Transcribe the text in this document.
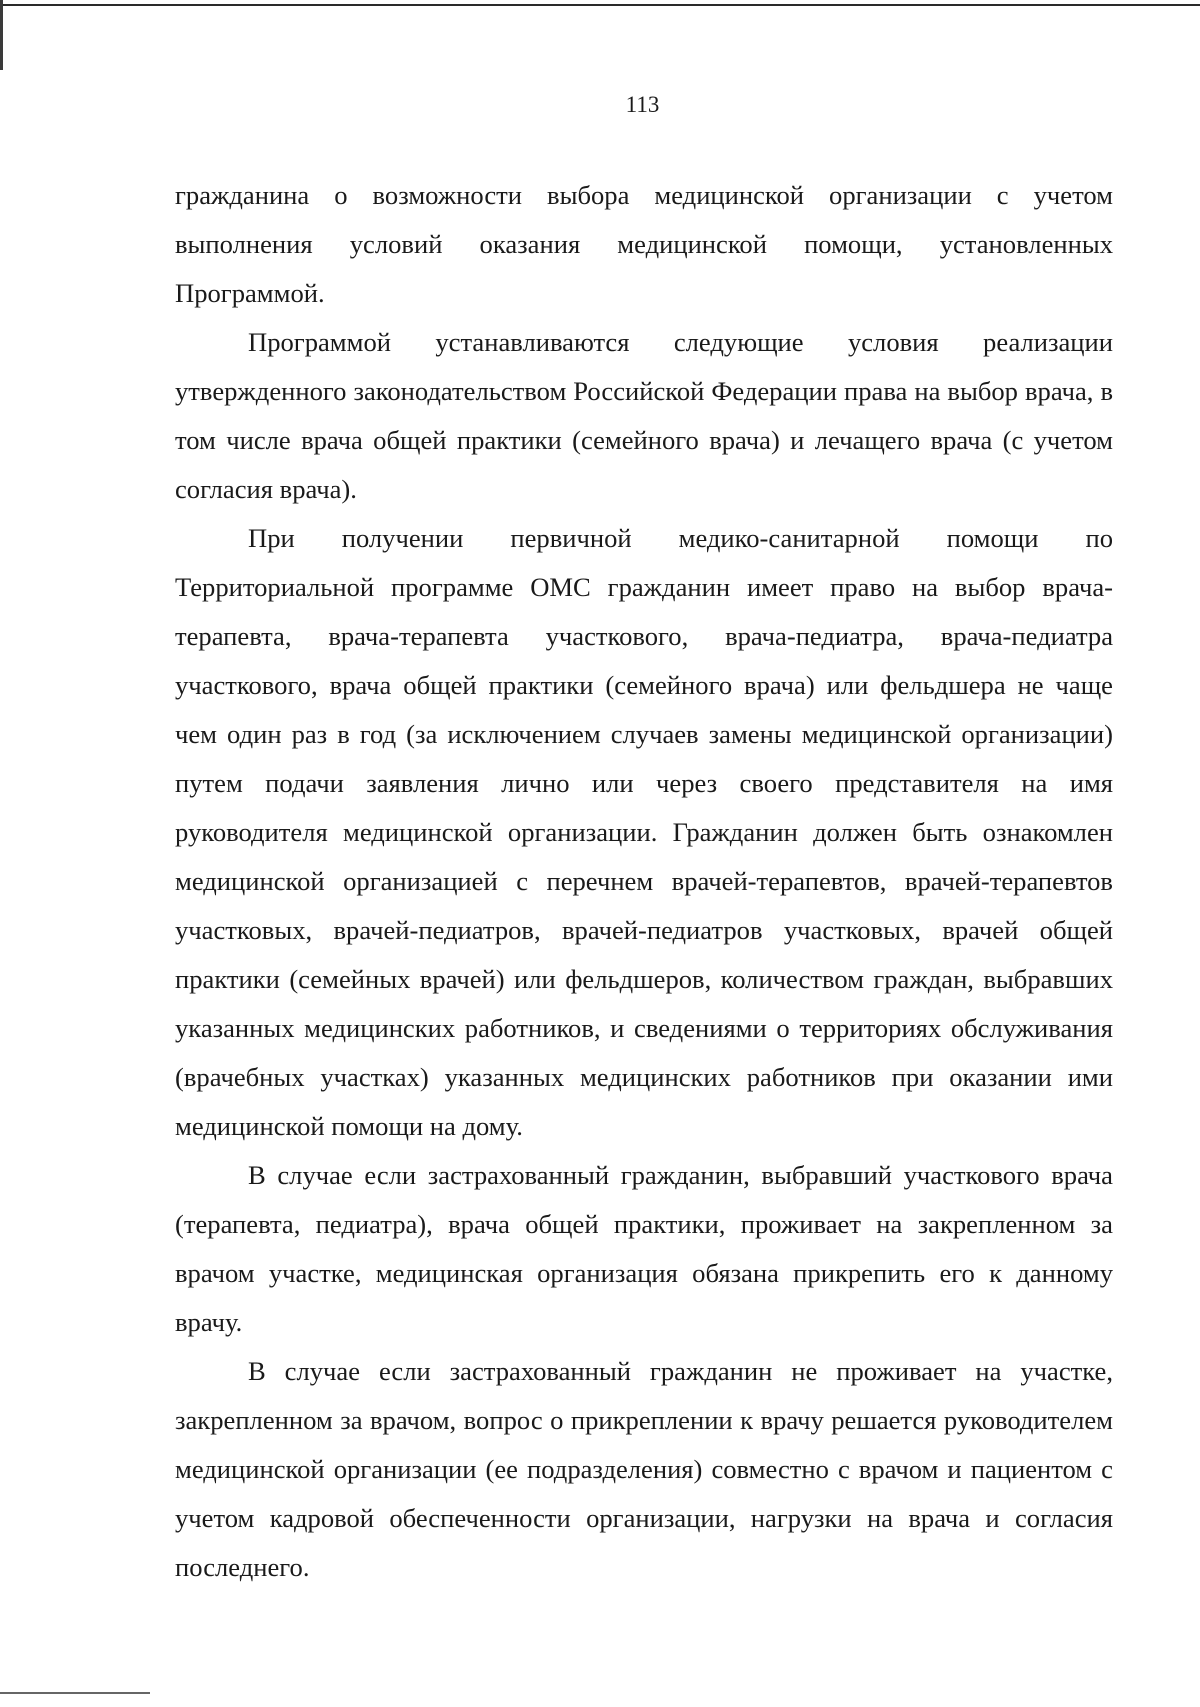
113

гражданина о возможности выбора медицинской организации с учетом выполнения условий оказания медицинской помощи, установленных Программой.

Программой устанавливаются следующие условия реализации утвержденного законодательством Российской Федерации права на выбор врача, в том числе врача общей практики (семейного врача) и лечащего врача (с учетом согласия врача).

При получении первичной медико-санитарной помощи по Территориальной программе ОМС гражданин имеет право на выбор врача-терапевта, врача-терапевта участкового, врача-педиатра, врача-педиатра участкового, врача общей практики (семейного врача) или фельдшера не чаще чем один раз в год (за исключением случаев замены медицинской организации) путем подачи заявления лично или через своего представителя на имя руководителя медицинской организации. Гражданин должен быть ознакомлен медицинской организацией с перечнем врачей-терапевтов, врачей-терапевтов участковых, врачей-педиатров, врачей-педиатров участковых, врачей общей практики (семейных врачей) или фельдшеров, количеством граждан, выбравших указанных медицинских работников, и сведениями о территориях обслуживания (врачебных участках) указанных медицинских работников при оказании ими медицинской помощи на дому.

В случае если застрахованный гражданин, выбравший участкового врача (терапевта, педиатра), врача общей практики, проживает на закрепленном за врачом участке, медицинская организация обязана прикрепить его к данному врачу.

В случае если застрахованный гражданин не проживает на участке, закрепленном за врачом, вопрос о прикреплении к врачу решается руководителем медицинской организации (ее подразделения) совместно с врачом и пациентом с учетом кадровой обеспеченности организации, нагрузки на врача и согласия последнего.
